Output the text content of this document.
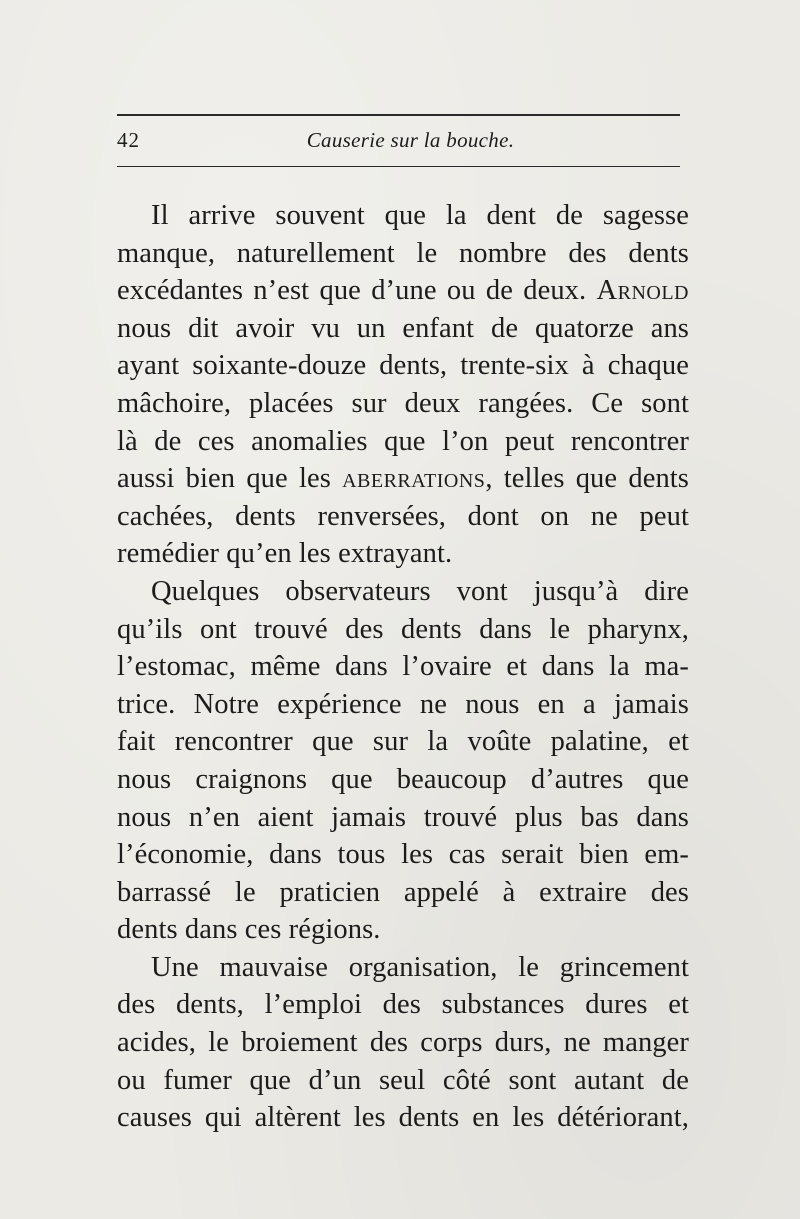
42	Causerie sur la bouche.
Il arrive souvent que la dent de sagesse
manque, naturellement le nombre des dents
excédantes n’est que d’une ou de deux. Arnold
nous dit avoir vu un enfant de quatorze ans
ayant soixante-douze dents, trente-six à chaque
mâchoire, placées sur deux rangées. Ce sont
là de ces anomalies que l’on peut rencontrer
aussi bien que les aberrations, telles que dents
cachées, dents renversées, dont on ne peut
remédier qu’en les extrayant.
Quelques observateurs vont jusqu’à dire
qu’ils ont trouvé des dents dans le pharynx,
l’estomac, même dans l’ovaire et dans la ma-
trice. Notre expérience ne nous en a jamais
fait rencontrer que sur la voûte palatine, et
nous craignons que beaucoup d’autres que
nous n’en aient jamais trouvé plus bas dans
l’économie, dans tous les cas serait bien em-
barrassé le praticien appelé à extraire des
dents dans ces régions.
Une mauvaise organisation, le grincement
des dents, l’emploi des substances dures et
acides, le broiement des corps durs, ne manger
ou fumer que d’un seul côté sont autant de
causes qui altèrent les dents en les détériorant,
